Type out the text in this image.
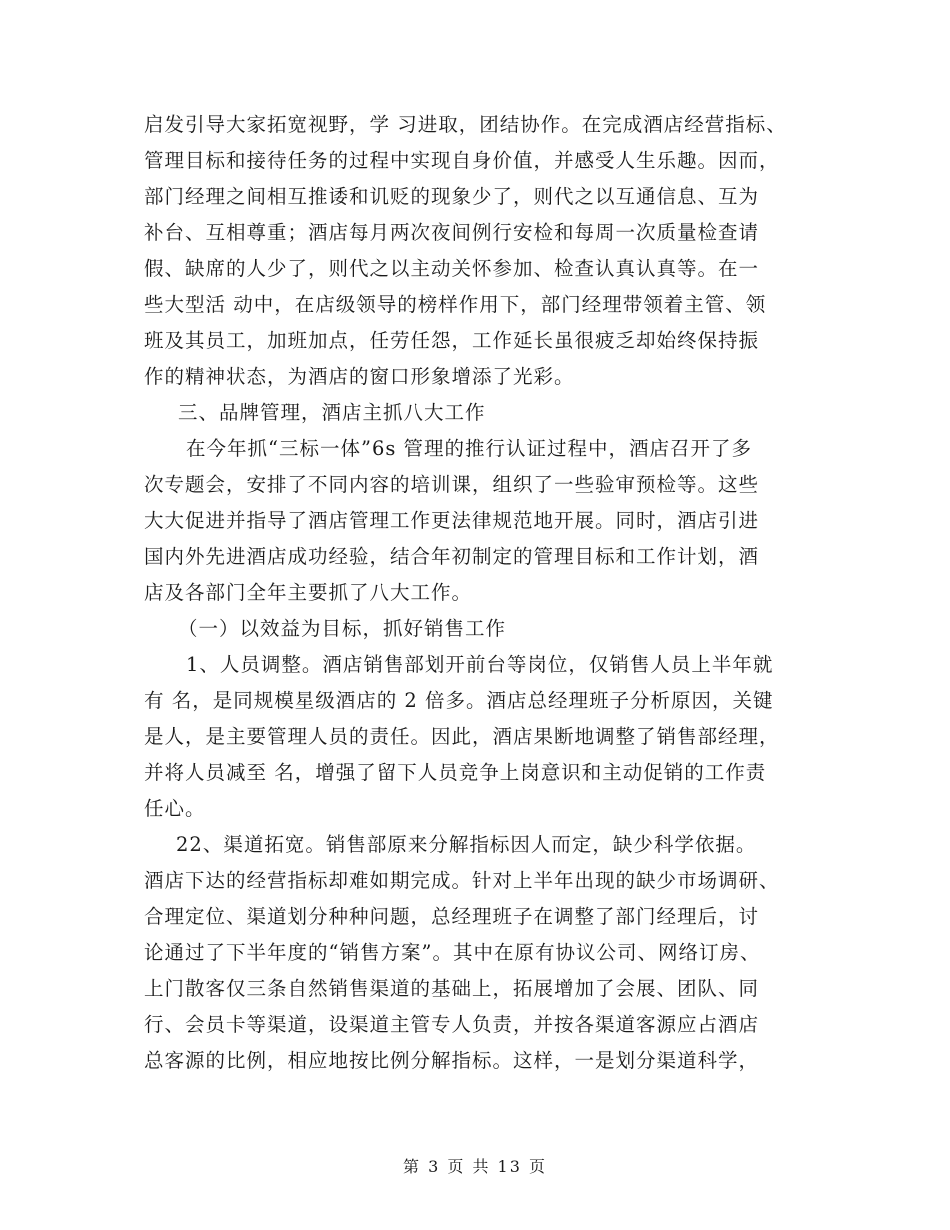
启发引导大家拓宽视野，学 习进取，团结协作。在完成酒店经营指标、
管理目标和接待任务的过程中实现自身价值，并感受人生乐趣。因而，
部门经理之间相互推诿和讥贬的现象少了，则代之以互通信息、互为
补台、互相尊重；酒店每月两次夜间例行安检和每周一次质量检查请
假、缺席的人少了，则代之以主动关怀参加、检查认真认真等。在一
些大型活 动中，在店级领导的榜样作用下，部门经理带领着主管、领
班及其员工，加班加点，任劳任怨，工作延长虽很疲乏却始终保持振
作的精神状态，为酒店的窗口形象增添了光彩。
三、品牌管理，酒店主抓八大工作
在今年抓“三标一体”6s 管理的推行认证过程中，酒店召开了多
次专题会，安排了不同内容的培训课，组织了一些验审预检等。这些
大大促进并指导了酒店管理工作更法律规范地开展。同时，酒店引进
国内外先进酒店成功经验，结合年初制定的管理目标和工作计划，酒
店及各部门全年主要抓了八大工作。
（一）以效益为目标，抓好销售工作
1、人员调整。酒店销售部划开前台等岗位，仅销售人员上半年就
有 名，是同规模星级酒店的 2 倍多。酒店总经理班子分析原因，关键
是人，是主要管理人员的责任。因此，酒店果断地调整了销售部经理，
并将人员减至 名，增强了留下人员竞争上岗意识和主动促销的工作责
任心。
22、渠道拓宽。销售部原来分解指标因人而定，缺少科学依据。
酒店下达的经营指标却难如期完成。针对上半年出现的缺少市场调研、
合理定位、渠道划分种种问题，总经理班子在调整了部门经理后，讨
论通过了下半年度的“销售方案”。其中在原有协议公司、网络订房、
上门散客仅三条自然销售渠道的基础上，拓展增加了会展、团队、同
行、会员卡等渠道，设渠道主管专人负责，并按各渠道客源应占酒店
总客源的比例，相应地按比例分解指标。这样，一是划分渠道科学，
第 3 页 共 13 页
